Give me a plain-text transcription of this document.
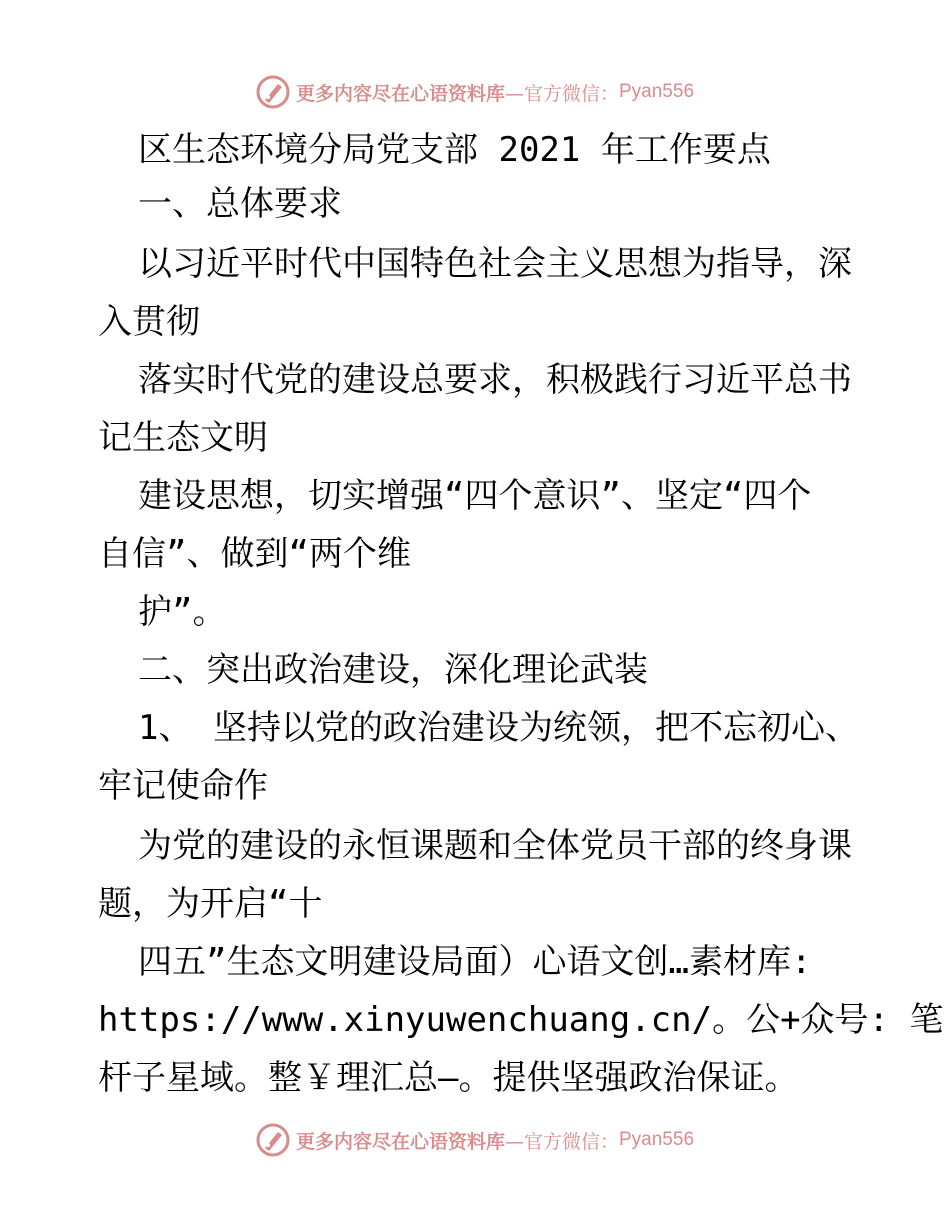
更多内容尽在心语资料库 —官方微信： Pyan556
区生态环境分局党支部 2021 年工作要点
一、总体要求
以习近平时代中国特色社会主义思想为指导，深
入贯彻
落实时代党的建设总要求，积极践行习近平总书
记生态文明
建设思想，切实增强“四个意识”、坚定“四个
自信”、做到“两个维
护”。
二、突出政治建设，深化理论武装
1、 坚持以党的政治建设为统领，把不忘初心、
牢记使命作
为党的建设的永恒课题和全体党员干部的终身课
题，为开启“十
四五”生态文明建设局面）心语文创…素材库:
https://www.xinyuwenchuang.cn/。公+众号: 笔
杆子星域。整￥理汇总—。提供坚强政治保证。
更多内容尽在心语资料库 —官方微信： Pyan556
